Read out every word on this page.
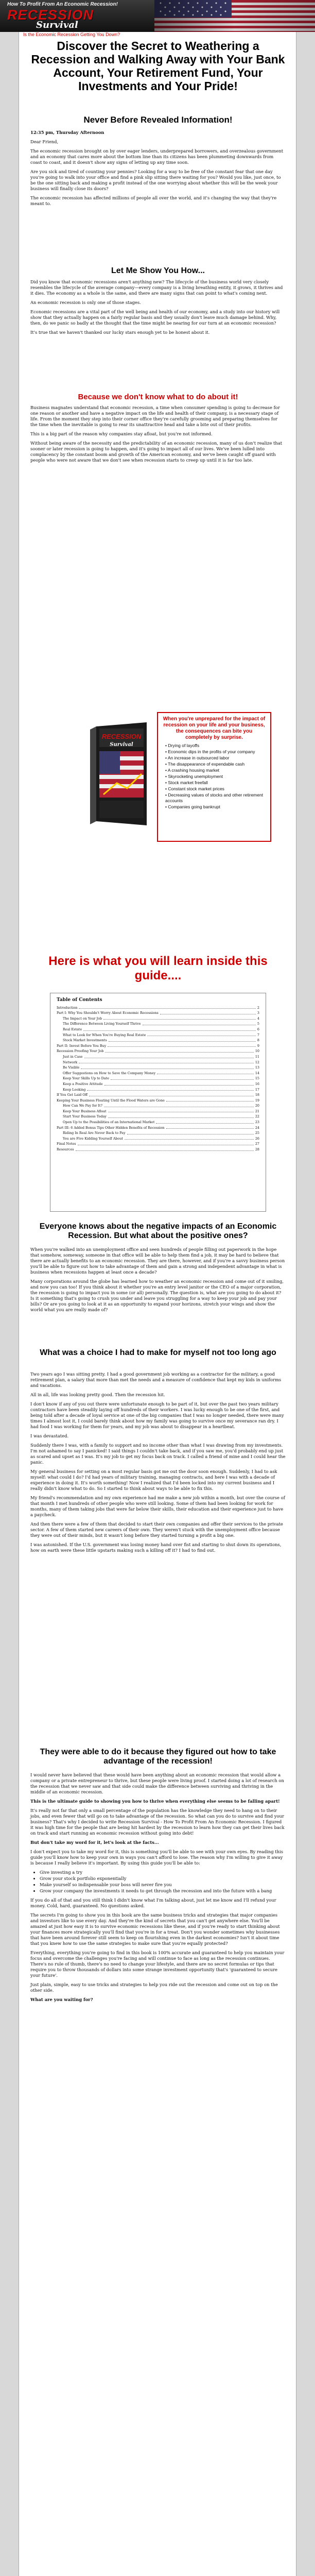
How To Profit From An Economic Recession!
RECESSION
Survival
Is the Economic Recession Getting You Down?
Discover the Secret to Weathering a Recession and Walking Away with Your Bank Account, Your Retirement Fund, Your Investments and Your Pride!
Never Before Revealed Information!

12:35 pm, Thursday Afternoon

Dear Friend,

The economic recession brought on by over eager lenders, underprepared borrowers, and overzealous government and an economy that cares more about the bottom line than its citizens has been plummeting downwards from coast to coast, and it doesn't show any signs of letting up any time soon.

Are you sick and tired of counting your pennies? Looking for a way to be free of the constant fear that one day you're going to walk into your office and find a pink slip sitting there waiting for you? Would you like, just once, to be the one sitting back and making a profit instead of the one worrying about whether this will be the week your business will finally close its doors?

The economic recession has affected millions of people all over the world, and it's changing the way that they're meant to.

Let Me Show You How...

Did you know that economic recessions aren't anything new? The lifecycle of the business world very closely resembles the lifecycle of the average company—every company is a living breathing entity, it grows, it thrives and it dies. The economy as a whole is the same, and there are many signs that can point to what's coming next.

An economic recession is only one of those stages.

Economic recessions are a vital part of the well being and health of our economy, and a study into our history will show that they actually happen on a fairly regular basis and they usually don't leave much damage behind. Why, then, do we panic so badly at the thought that the time might be nearing for our turn at an economic recession?

It's true that we haven't thanked our lucky stars enough yet to be honest about it.

Because we don't know what to do about it!

Business magnates understand that economic recession, a time when consumer spending is going to decrease for one reason or another and have a negative impact on the life and health of their company, is a necessary stage of life. From the moment they step into their corner office they're carefully grooming and preparing themselves for the time when the inevitable is going to rear its unattractive head and take a bite out of their profits.

This is a big part of the reason why companies stay afloat, but you're not informed.

Without being aware of the necessity and the predictability of an economic recession, many of us don't realize that sooner or later recession is going to happen, and it's going to impact all of our lives. We've been lulled into complacency by the constant boom and growth of the American economy, and we've been caught off guard with people who were not aware that we don't see when recession starts to creep up until it is far too late.

RECESSION
Survival
When you're unprepared for the impact of recession on your life and your business, the consequences can bite you completely by surprise.
• Drying of layoffs
• Economic dips in the profits of your company
• An increase in outsourced labor
• The disappearance of expendable cash
• A crashing housing market
• Skyrocketing unemployment
• Stock market freefall
• Constant stock market prices
• Decreasing values of stocks and other retirement accounts
• Companies going bankrupt
Here is what you will learn inside this guide....
Table of Contents
Introduction	2
Part I: Why You Shouldn't Worry About Economic Recessions	3
The Impact on Your Job	4
The Difference Between Living Yourself Thrive	5
Real Estate	6
What to Look for When You're Buying Real Estate	7
Stock Market Investments	8
Part II: Invest Before You Buy	9
Recession Proofing Your Job	10
Just in Case	11
Network	12
Be Visible	13
Offer Suggestions on How to Save the Company Money	14
Keep Your Skills Up to Date	15
Keep a Positive Attitude	16
Keep Looking	17
If You Get Laid Off	18
Keeping Your Business Floating Until the Flood Waters are Gone	19
How Can We Pay for It?	20
Keep Your Business Afloat	21
Start Your Business Today	22
Open Up to the Possibilities of an International Market	23
Part III: 6 Added Bonus Tips Other Hidden Benefits of Recession	24
Riding In Real Are Never Back to Pay	25
You are Five Kidding Yourself About	26
Final Notes	27
Resources	28
Everyone knows about the negative impacts of an Economic Recession. But what about the positive ones?

When you're walked into an unemployment office and seen hundreds of people filling out paperwork in the hope that somehow, someway, someone in that office will be able to help them find a job, it may be hard to believe that there are actually benefits to an economic recession. They are there, however, and if you're a savvy business person you'll be able to figure out how to take advantage of them and gain a strong and independent advantage in what is business when recessions happen at least once a decade?

Many corporations around the globe has learned how to weather an economic recession and come out of it smiling, and now you can too! If you think about it whether you're an entry level janitor or the CEO of a major corporation, the recession is going to impact you in some (or all) personally. The question is, what are you going to do about it? Is it something that's going to crush you under and leave you struggling for a way to keep your job and pay your bills? Or are you going to look at it as an opportunity to expand your horizons, stretch your wings and show the world what you are really made of?

What was a choice I had to make for myself not too long ago

Two years ago I was sitting pretty. I had a good government job working as a contractor for the military, a good retirement plan, a salary that more than met the needs and a measure of confidence that kept my kids in uniforms and vacations.

All in all, life was looking pretty good. Then the recession hit.

I don't know if any of you out there were unfortunate enough to be part of it, but over the past two years military contractors have been steadily laying off hundreds of their workers. I was lucky enough to be one of the first, and being told after a decade of loyal service at one of the big companies that I was no longer needed, there were many times I almost lost it, I could barely think about how my family was going to survive once my severance ran dry. I had food I was working for them for years, and my job was about to disappear in a heartbeat.

I was devastated.

Suddenly there I was, with a family to support and no income other than what I was drawing from my investments. I'm not ashamed to say I panicked! I said things I couldn't take back, and if you saw me, you'd probably end up just as scared and upset as I was. It's my job to get my focus back on track. I called a friend of mine and I could hear the panic.

My general business for setting on a most regular basis got me out the door soon enough. Suddenly, I had to ask myself: what could I do? I'd had years of military training, managing contracts, and here I was with a decade of experience in doing it. It's worth something! Now I realized that I'd been locked into my current business and I really didn't know what to do. So I started to think about ways to be able to fix this.

My friend's recommendation and my own experience had me make a new job within a month, but over the course of that month I met hundreds of other people who were still looking. Some of them had been looking for work for months, many of them taking jobs that were far below their skills, their education and their experience just to have a paycheck.

And then there were a few of them that decided to start their own companies and offer their services to the private sector. A few of them started new careers of their own. They weren't stuck with the unemployment office because they were out of their minds, but it wasn't long before they started turning a profit a big one.

I was astonished. If the U.S. government was losing money hand over fist and starting to shut down its operations, how on earth were these little upstarts making such a killing off it? I had to find out.

They were able to do it because they figured out how to take advantage of the recession!

I would never have believed that these would have been anything about an economic recession that would allow a company or a private entrepreneur to thrive, but these people were living proof. I started doing a lot of research on the recession that we never saw and that side could make the difference between surviving and thriving in the middle of an economic recession.

This is the ultimate guide to showing you how to thrive when everything else seems to be falling apart!

It's really not far that only a small percentage of the population has the knowledge they need to hang on to their jobs, and even fewer that will go on to take advantage of the recession. So what can you do to survive and find your business? That's why I decided to write Recession Survival - How To Profit From An Economic Recession. I figured it was high time for the people that are being hit hardest by the recession to learn how they can get their lives back on track and start running an economic recession without going into debt!

But don't take my word for it, let's look at the facts...

I don't expect you to take my word for it, this is something you'll be able to see with your own eyes. By reading this guide you'll know how to keep your own in ways you can't afford to lose. The reason why I'm willing to give it away is because I really believe it's important. By using this guide you'll be able to:

• Give investing a try
• Grow your stock portfolio exponentially
• Make yourself so indispensable your boss will never fire you
• Grow your company the investments it needs to get through the recession and into the future with a bang

If you do all of that and you still think I didn't know what I'm talking about, just let me know and I'll refund your money. Cold, hard, guaranteed. No questions asked.

The secrets I'm going to show you in this book are the same business tricks and strategies that major companies and investors like to use every day. And they're the kind of secrets that you can't get anywhere else. You'll be amazed at just how easy it is to survive economic recessions like these, and if you're ready to start thinking about your finances more strategically you'll find that you're in for a treat. Don't you wonder sometimes why businesses that have been around forever still seem to keep on flourishing even in the darkest economies? Isn't it about time that you knew how to use the same strategies to make sure that you're equally protected?

Everything, everything you're going to find in this book is 100% accurate and guaranteed to help you maintain your focus and overcome the challenges you're facing and will continue to face as long as the recession continues. There's no rule of thumb, there's no need to change your lifestyle, and there are no secret formulas or tips that require you to throw thousands of dollars into some strange investment opportunity that's 'guaranteed to secure your future'.

Just plain, simple, easy to use tricks and strategies to help you ride out the recession and come out on top on the other side.

What are you waiting for?
